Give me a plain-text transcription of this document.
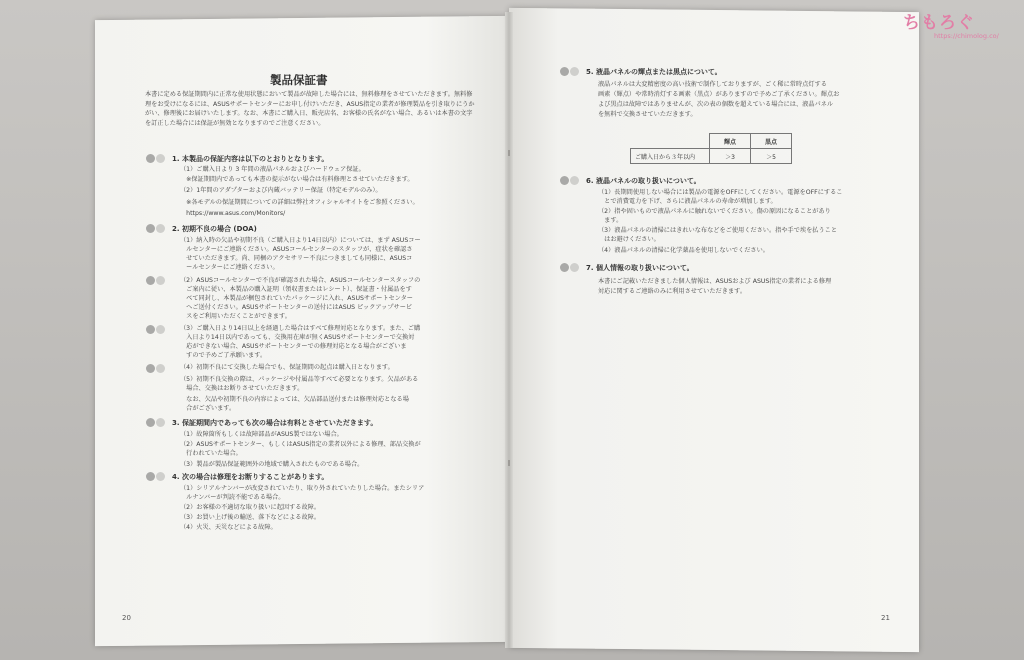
ちもろぐ
https://chimolog.co/
製品保証書
本書に定める保証期間内に正常な使用状態において製品が故障した場合には、無料修理をさせていただきます。無料修理をお受けになるには、ASUSサポートセンターにお申し付けいただき、ASUS指定の業者が修理製品を引き取りにうかがい、修理後にお届けいたします。なお、本書にご購入日、販売店名、お客様の氏名がない場合、あるいは本書の文字を訂正した場合には保証が無効となりますのでご注意ください。
1. 本製品の保証内容は以下のとおりとなります。
（1）ご購入日より 3 年間の液晶パネルおよびハードウェア保証。
　※保証期間内であっても本書の提示がない場合は有料修理とさせていただきます。
（2）1年間のアダプターおよび内蔵バッテリー保証（特定モデルのみ）。
　※各モデルの保証期間についての詳細は弊社オフィシャルサイトをご参照ください。
　https://www.asus.com/Monitors/
2. 初期不良の場合 (DOA)
（1）納入時の欠品や初期不良（ご購入日より14日以内）については、まず ASUSコー
　ルセンターにご連絡ください。ASUSコールセンターのスタッフが、症状を確認さ
　せていただきます。尚、同梱のアクセサリー不良につきましても同様に、ASUSコ
　ールセンターにご連絡ください。
（2）ASUSコールセンターで不良が確認された場合、ASUSコールセンタースタッフの
　ご案内に従い、本製品の購入証明（領収書またはレシート）、保証書・付属品をす
　べて同封し、本製品が梱包されていたパッケージに入れ、ASUSサポートセンター
　へご送付ください。ASUSサポートセンターの送付にはASUS ピックアップサービ
　スをご利用いただくことができます。
（3）ご購入日より14日以上を経過した場合はすべて修理対応となります。また、ご購
　入日より14日以内であっても、交換用在庫が無くASUSサポートセンターで交換対
　応ができない場合、ASUSサポートセンターでの修理対応となる場合がございま
　すので予めご了承願います。
（4）初期不良にて交換した場合でも、保証期間の起点は購入日となります。
（5）初期不良交換の際は、パッケージや付属品等すべて必要となります。欠品がある
　場合、交換はお断りさせていただきます。
　なお、欠品や初期不良の内容によっては、欠品部品送付または修理対応となる場
　合がございます。
3. 保証期間内であっても次の場合は有料とさせていただきます。
（1）故障箇所もしくは故障部品がASUS製ではない場合。
（2）ASUSサポートセンター、もしくはASUS指定の業者以外による修理、部品交換が
　行われていた場合。
（3）製品が製品保証範囲外の地域で購入されたものである場合。
4. 次の場合は修理をお断りすることがあります。
（1）シリアルナンバーが改変されていたり、取り外されていたりした場合。またシリア
　ルナンバーが判読不能である場合。
（2）お客様の不適切な取り扱いに起因する故障。
（3）お買い上げ後の輸送、落下などによる故障。
（4）火災、天災などによる故障。
20
5. 液晶パネルの輝点または黒点について。
液晶パネルは大変精密度の高い技術で制作しておりますが、ごく稀に常時点灯する
画素（輝点）や常時消灯する画素（黒点）がありますので予めご了承ください。輝点お
よび黒点は故障ではありませんが、次の表の個数を超えている場合には、液晶パネル
を無料で交換させていただきます。
	輝点	黒点
ご購入日から３年以内	＞3	＞5
6. 液晶パネルの取り扱いについて。
（1）長期間使用しない場合には製品の電源をOFFにしてください。電源をOFFにするこ
　とで消費電力を下げ、さらに液晶パネルの寿命が増加します。
（2）指や固いもので液晶パネルに触れないでください。傷の原因になることがあり
　ます。
（3）液晶パネルの清掃にはきれいな布などをご使用ください。指や手で埃を払うこと
　はお避けください。
（4）液晶パネルの清掃に化学薬品を使用しないでください。
7. 個人情報の取り扱いについて。
本書にご記載いただきました個人情報は、ASUSおよび ASUS指定の業者による修理
対応に関するご連絡のみに利用させていただきます。
21
